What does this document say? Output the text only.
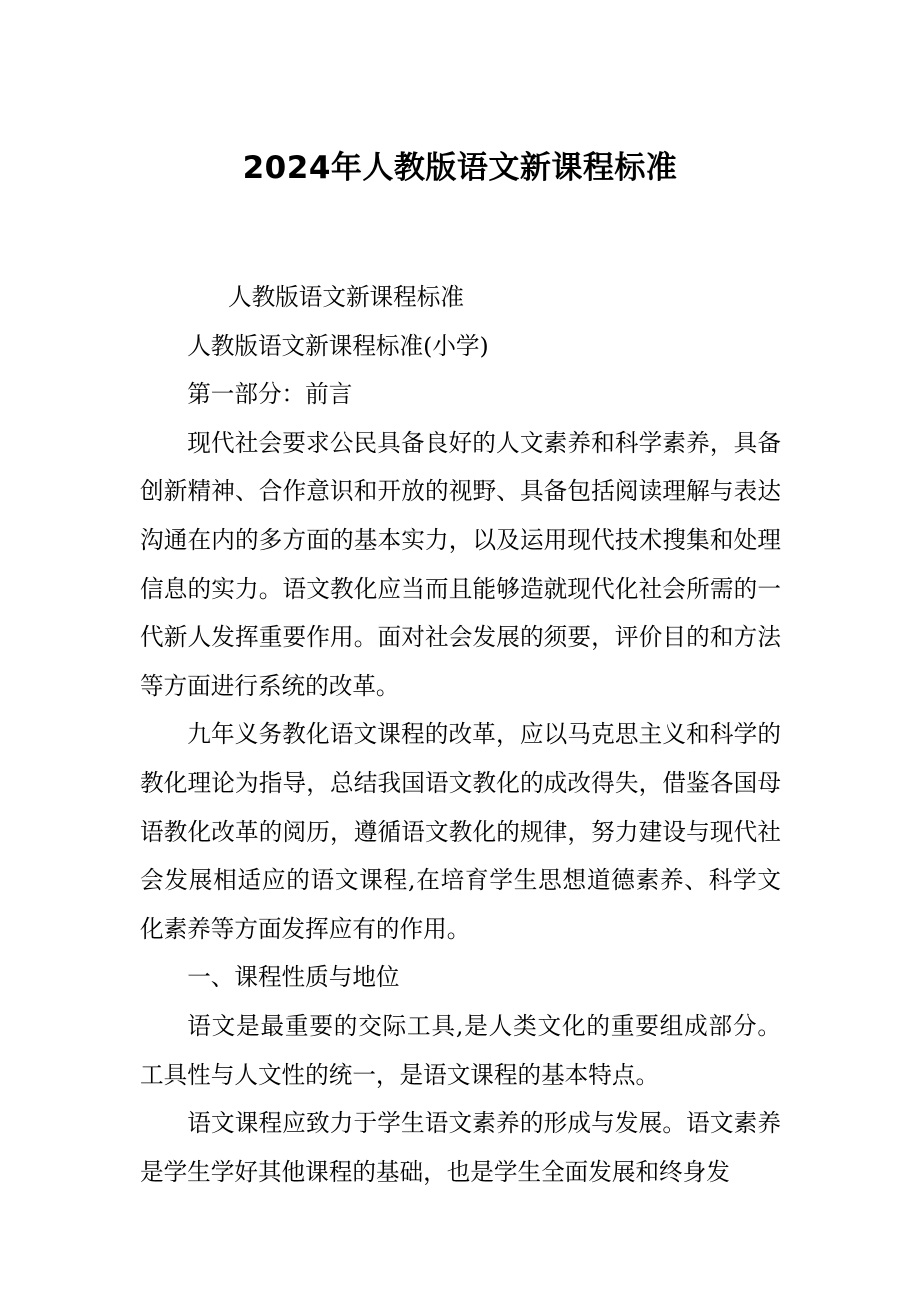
2024年人教版语文新课程标准

人教版语文新课程标准

人教版语文新课程标准(小学)

第一部分：前言

现代社会要求公民具备良好的人文素养和科学素养，具备创新精神、合作意识和开放的视野、具备包括阅读理解与表达沟通在内的多方面的基本实力，以及运用现代技术搜集和处理信息的实力。语文教化应当而且能够造就现代化社会所需的一代新人发挥重要作用。面对社会发展的须要，评价目的和方法等方面进行系统的改革。

九年义务教化语文课程的改革，应以马克思主义和科学的教化理论为指导，总结我国语文教化的成改得失，借鉴各国母语教化改革的阅历，遵循语文教化的规律，努力建设与现代社会发展相适应的语文课程,在培育学生思想道德素养、科学文化素养等方面发挥应有的作用。

一、课程性质与地位

语文是最重要的交际工具,是人类文化的重要组成部分。工具性与人文性的统一，是语文课程的基本特点。

语文课程应致力于学生语文素养的形成与发展。语文素养是学生学好其他课程的基础，也是学生全面发展和终身发
